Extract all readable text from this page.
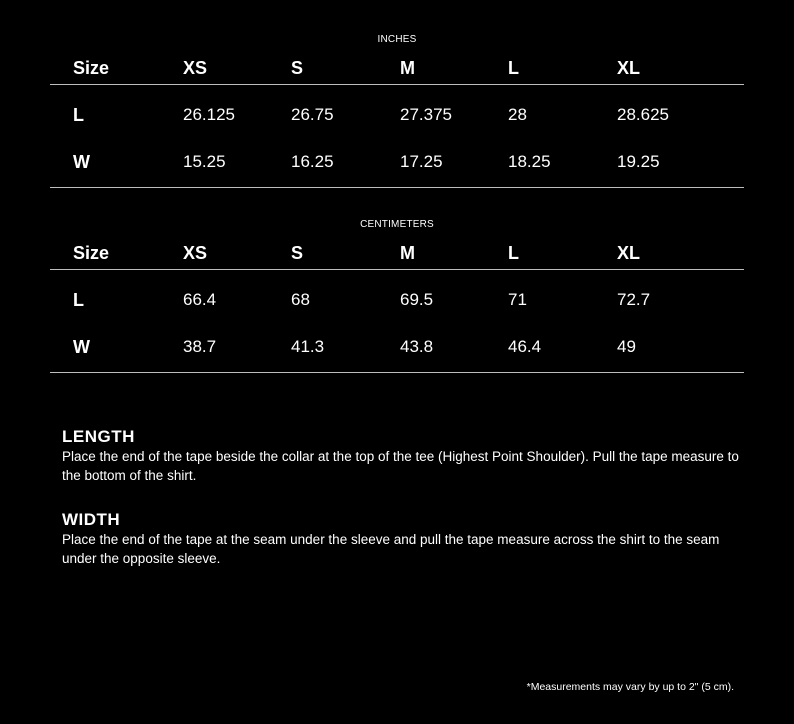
INCHES
Size	XS	S	M	L	XL
L	26.125	26.75	27.375	28	28.625
W	15.25	16.25	17.25	18.25	19.25
CENTIMETERS
Size	XS	S	M	L	XL
L	66.4	68	69.5	71	72.7
W	38.7	41.3	43.8	46.4	49
LENGTH

Place the end of the tape beside the collar at the top of the tee (Highest Point Shoulder). Pull the tape measure to the bottom of the shirt.

WIDTH

Place the end of the tape at the seam under the sleeve and pull the tape measure across the shirt to the seam under the opposite sleeve.

*Measurements may vary by up to 2" (5 cm).
